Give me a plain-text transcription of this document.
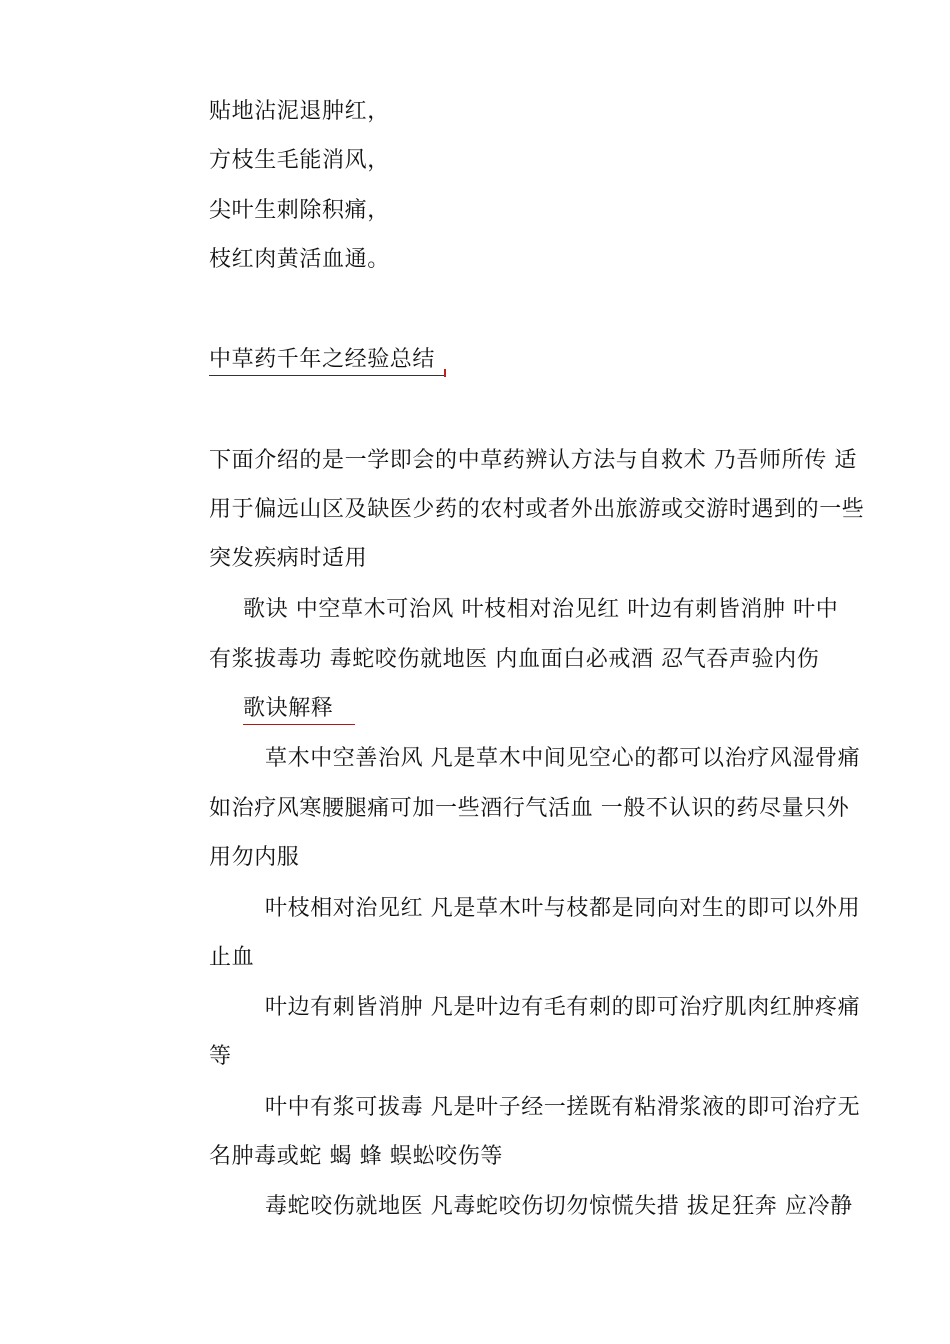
贴地沾泥退肿红，
方枝生毛能消风，
尖叶生刺除积痛，
枝红肉黄活血通。
中草药千年之经验总结
下面介绍的是一学即会的中草药辨认方法与自救术 乃吾师所传 适
用于偏远山区及缺医少药的农村或者外出旅游或交游时遇到的一些
突发疾病时适用
歌诀 中空草木可治风 叶枝相对治见红 叶边有刺皆消肿 叶中
有浆拔毒功 毒蛇咬伤就地医 内血面白必戒酒 忍气吞声验内伤
歌诀解释
草木中空善治风 凡是草木中间见空心的都可以治疗风湿骨痛
如治疗风寒腰腿痛可加一些酒行气活血 一般不认识的药尽量只外
用勿内服
叶枝相对治见红 凡是草木叶与枝都是同向对生的即可以外用
止血
叶边有刺皆消肿 凡是叶边有毛有刺的即可治疗肌肉红肿疼痛
等
叶中有浆可拔毒 凡是叶子经一搓既有粘滑浆液的即可治疗无
名肿毒或蛇 蝎 蜂 蜈蚣咬伤等
毒蛇咬伤就地医 凡毒蛇咬伤切勿惊慌失措 拔足狂奔 应冷静
